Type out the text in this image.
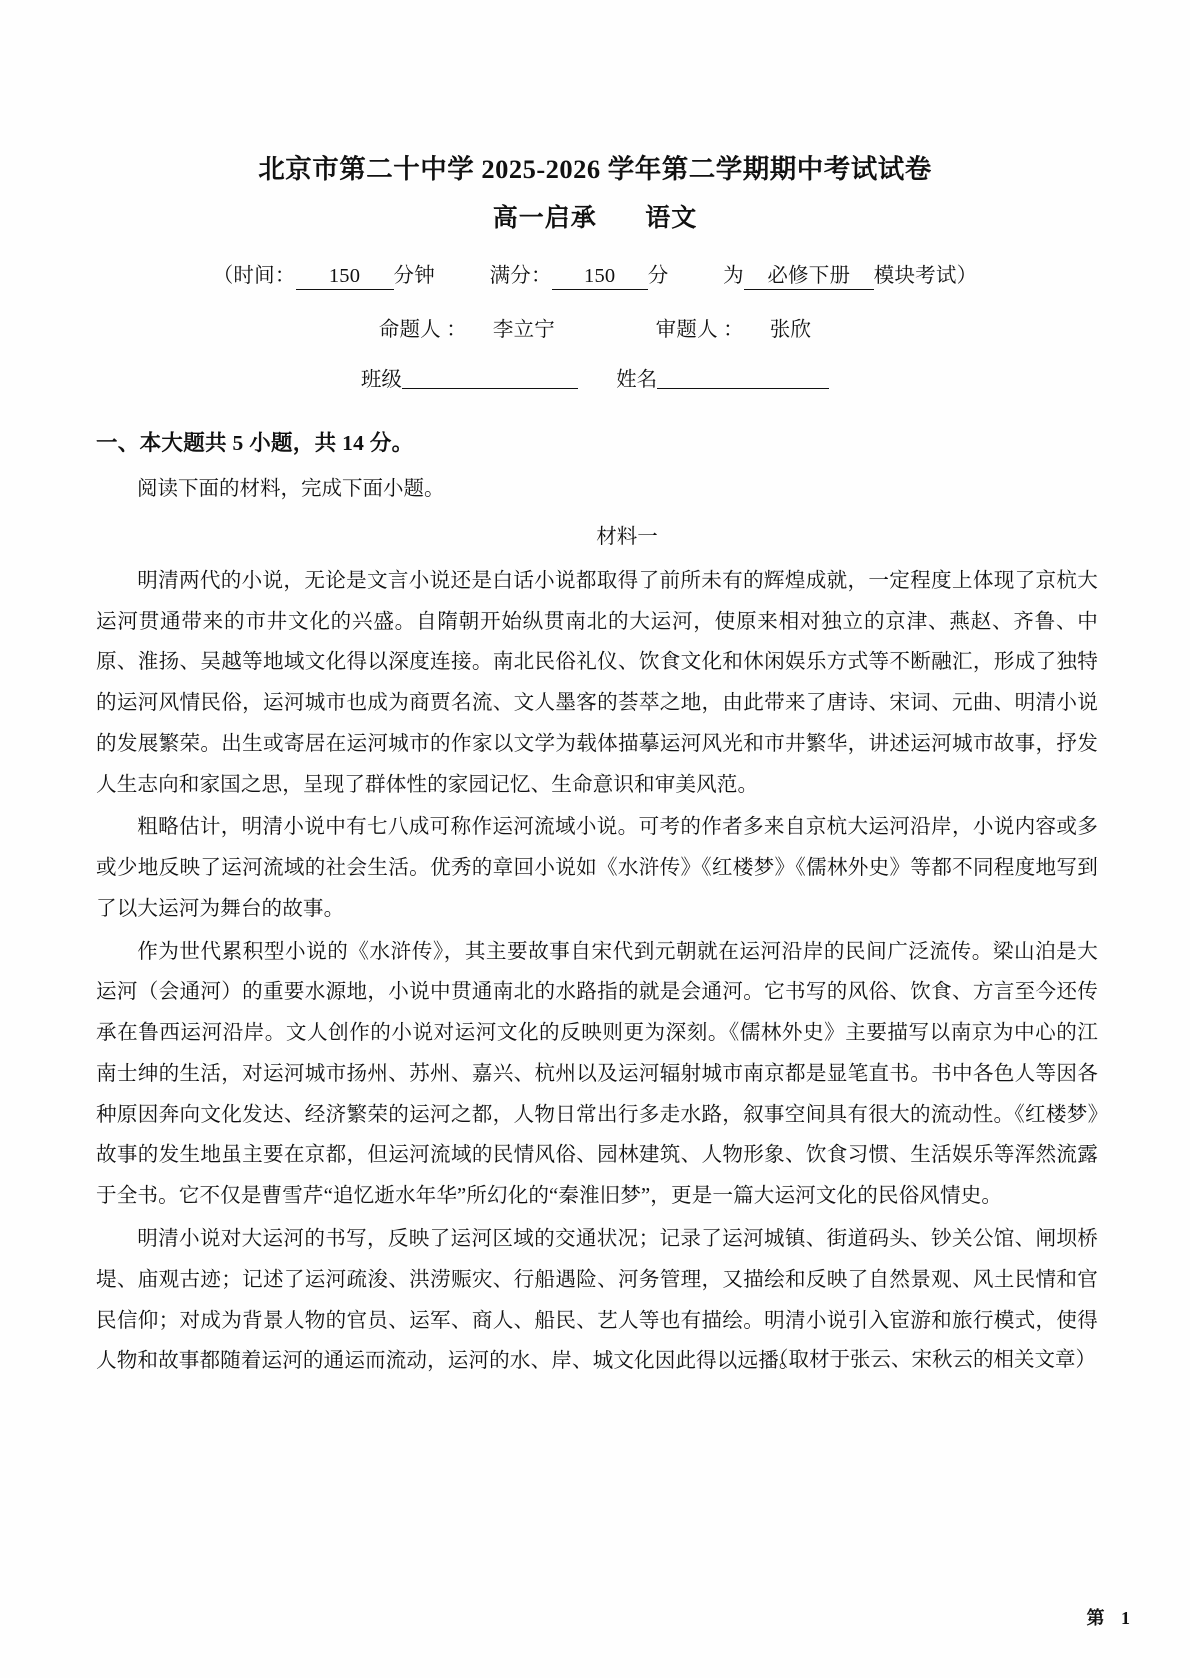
北京市第二十中学 2025-2026 学年第二学期期中考试试卷
高一启承 语文
（时间： 150 分钟	满分： 150 分	为 必修下册 模块考试）
命题人 ： 李立宁	审题人 ： 张欣
班级	姓名
一、本大题共 5 小题，共 14 分。
阅读下面的材料，完成下面小题。
材料一

明清两代的小说，无论是文言小说还是白话小说都取得了前所未有的辉煌成就，一定程度上体现了京杭大运河贯通带来的市井文化的兴盛。自隋朝开始纵贯南北的大运河，使原来相对独立的京津、燕赵、齐鲁、中原、淮扬、吴越等地域文化得以深度连接。南北民俗礼仪、饮食文化和休闲娱乐方式等不断融汇，形成了独特的运河风情民俗，运河城市也成为商贾名流、文人墨客的荟萃之地，由此带来了唐诗、宋词、元曲、明清小说的发展繁荣。出生或寄居在运河城市的作家以文学为载体描摹运河风光和市井繁华，讲述运河城市故事，抒发人生志向和家国之思，呈现了群体性的家园记忆、生命意识和审美风范。

粗略估计，明清小说中有七八成可称作运河流域小说。可考的作者多来自京杭大运河沿岸，小说内容或多或少地反映了运河流域的社会生活。优秀的章回小说如《水浒传》《红楼梦》《儒林外史》等都不同程度地写到了以大运河为舞台的故事。

作为世代累积型小说的《水浒传》，其主要故事自宋代到元朝就在运河沿岸的民间广泛流传。梁山泊是大运河（会通河）的重要水源地，小说中贯通南北的水路指的就是会通河。它书写的风俗、饮食、方言至今还传承在鲁西运河沿岸。文人创作的小说对运河文化的反映则更为深刻。《儒林外史》主要描写以南京为中心的江南士绅的生活，对运河城市扬州、苏州、嘉兴、杭州以及运河辐射城市南京都是显笔直书。书中各色人等因各种原因奔向文化发达、经济繁荣的运河之都，人物日常出行多走水路，叙事空间具有很大的流动性。《红楼梦》故事的发生地虽主要在京都，但运河流域的民情风俗、园林建筑、人物形象、饮食习惯、生活娱乐等浑然流露于全书。它不仅是曹雪芹“追忆逝水年华”所幻化的“秦淮旧梦”，更是一篇大运河文化的民俗风情史。

明清小说对大运河的书写，反映了运河区域的交通状况；记录了运河城镇、街道码头、钞关公馆、闸坝桥堤、庙观古迹；记述了运河疏浚、洪涝赈灾、行船遇险、河务管理，又描绘和反映了自然景观、风土民情和官民信仰；对成为背景人物的官员、运军、商人、船民、艺人等也有描绘。明清小说引入宦游和旅行模式，使得人物和故事都随着运河的通运而流动，运河的水、岸、城文化因此得以远播。

（取材于张云、宋秋云的相关文章）
第 1
